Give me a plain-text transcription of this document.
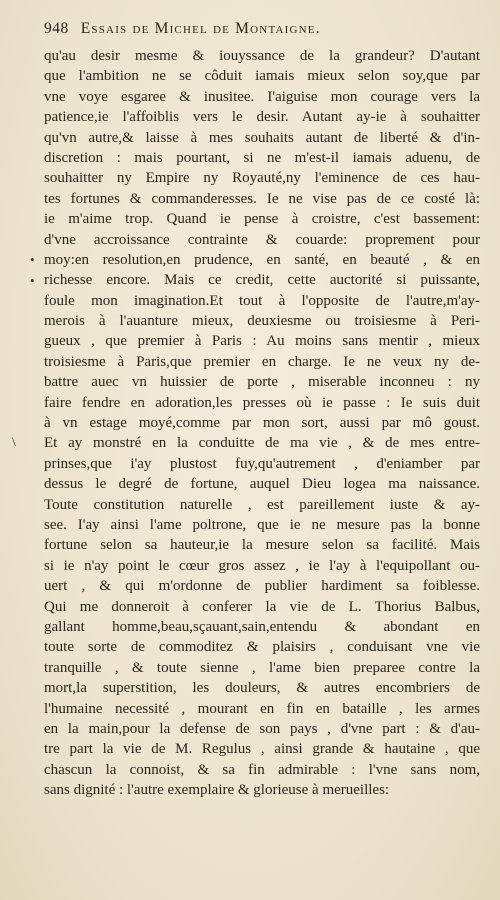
948 Essais de Michel de Montaigne.
qu'au desir mesme & iouyssance de la grandeur? D'autant
que l'ambition ne se côduit iamais mieux selon soy,que par
vne voye esgaree & inusitee. I'aiguise mon courage vers la
patience,ie l'affoiblis vers le desir. Autant ay-ie à souhaitter
qu'vn autre,& laisse à mes souhaits autant de liberté & d'in-
discretion : mais pourtant, si ne m'est-il iamais aduenu, de
souhaitter ny Empire ny Royauté,ny l'eminence de ces hau-
tes fortunes & commanderesses. Ie ne vise pas de ce costé là:
ie m'aime trop. Quand ie pense à croistre, c'est bassement:
d'vne accroissance contrainte & couarde: proprement pour
moy:en resolution,en prudence, en santé, en beauté , & en
richesse encore. Mais ce credit, cette auctorité si puissante,
foule mon imagination.Et tout à l'opposite de l'autre,m'ay-
merois à l'auanture mieux, deuxiesme ou troisiesme à Peri-
gueux , que premier à Paris : Au moins sans mentir , mieux
troisiesme à Paris,que premier en charge. Ie ne veux ny de-
battre auec vn huissier de porte , miserable inconneu : ny
faire fendre en adoration,les presses où ie passe : Ie suis duit
à vn estage moyé,comme par mon sort, aussi par mô goust.
Et ay monstré en la conduitte de ma vie , & de mes entre-
prinses,que i'ay plustost fuy,qu'autrement , d'eniamber par
dessus le degré de fortune, auquel Dieu logea ma naissance.
Toute constitution naturelle , est pareillement iuste & ay-
see. I'ay ainsi l'ame poltrone, que ie ne mesure pas la bonne
fortune selon sa hauteur,ie la mesure selon sa facilité. Mais
si ie n'ay point le cœur gros assez , ie l'ay à l'equipollant ou-
uert , & qui m'ordonne de publier hardiment sa foiblesse.
Qui me donneroit à conferer la vie de L. Thorius Balbus,
gallant homme,beau,sçauant,sain,entendu & abondant en
toute sorte de commoditez & plaisirs , conduisant vne vie
tranquille , & toute sienne , l'ame bien preparee contre la
mort,la superstition, les douleurs, & autres encombriers de
l'humaine necessité , mourant en fin en bataille , les armes
en la main,pour la defense de son pays , d'vne part : & d'au-
tre part la vie de M. Regulus , ainsi grande & hautaine , que
chascun la connoist, & sa fin admirable : l'vne sans nom,
sans dignité : l'autre exemplaire & glorieuse à merueilles:
•
•
\
